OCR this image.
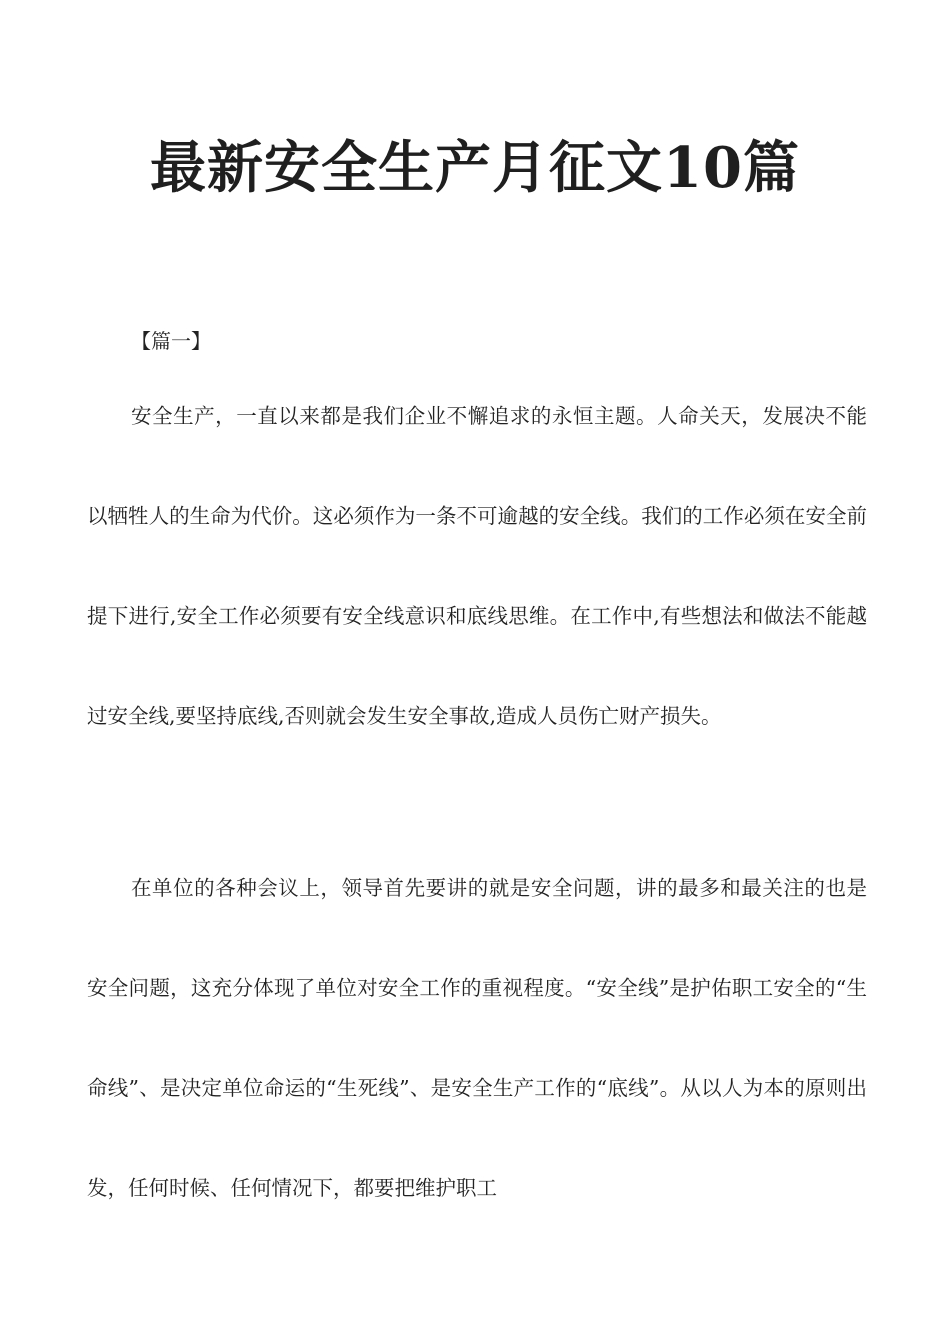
最新安全生产月征文10篇
【篇一】

安全生产，一直以来都是我们企业不懈追求的永恒主题。人命关天，发展决不能以牺牲人的生命为代价。这必须作为一条不可逾越的安全线。我们的工作必须在安全前提下进行,安全工作必须要有安全线意识和底线思维。在工作中,有些想法和做法不能越过安全线,要坚持底线,否则就会发生安全事故,造成人员伤亡财产损失。

在单位的各种会议上，领导首先要讲的就是安全问题，讲的最多和最关注的也是安全问题，这充分体现了单位对安全工作的重视程度。“安全线”是护佑职工安全的“生命线”、是决定单位命运的“生死线”、是安全生产工作的“底线”。从以人为本的原则出发，任何时候、任何情况下，都要把维护职工
